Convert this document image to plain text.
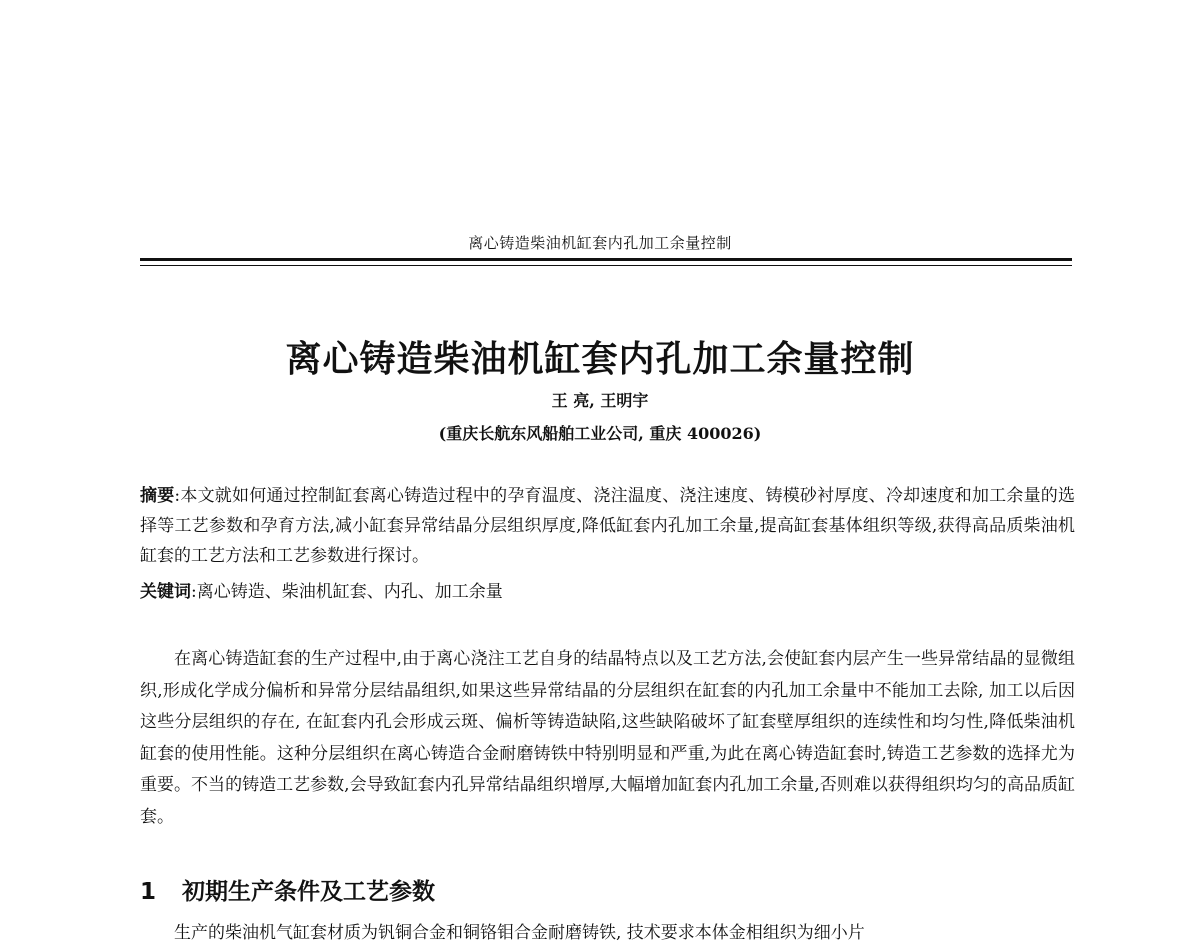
离心铸造柴油机缸套内孔加工余量控制
离心铸造柴油机缸套内孔加工余量控制
王 亮, 王明宇
(重庆长航东风船舶工业公司, 重庆 400026)

摘要:本文就如何通过控制缸套离心铸造过程中的孕育温度、浇注温度、浇注速度、铸模砂衬厚度、冷却速度和加工余量的选择等工艺参数和孕育方法,减小缸套异常结晶分层组织厚度,降低缸套内孔加工余量,提高缸套基体组织等级,获得高品质柴油机缸套的工艺方法和工艺参数进行探讨。

关键词:离心铸造、柴油机缸套、内孔、加工余量

在离心铸造缸套的生产过程中,由于离心浇注工艺自身的结晶特点以及工艺方法,会使缸套内层产生一些异常结晶的显微组织,形成化学成分偏析和异常分层结晶组织,如果这些异常结晶的分层组织在缸套的内孔加工余量中不能加工去除, 加工以后因这些分层组织的存在, 在缸套内孔会形成云斑、偏析等铸造缺陷,这些缺陷破坏了缸套壁厚组织的连续性和均匀性,降低柴油机缸套的使用性能。这种分层组织在离心铸造合金耐磨铸铁中特别明显和严重,为此在离心铸造缸套时,铸造工艺参数的选择尤为重要。不当的铸造工艺参数,会导致缸套内孔异常结晶组织增厚,大幅增加缸套内孔加工余量,否则难以获得组织均匀的高品质缸套。

1 初期生产条件及工艺参数

生产的柴油机气缸套材质为钒铜合金和铜铬钼合金耐磨铸铁, 技术要求本体金相组织为细小片
